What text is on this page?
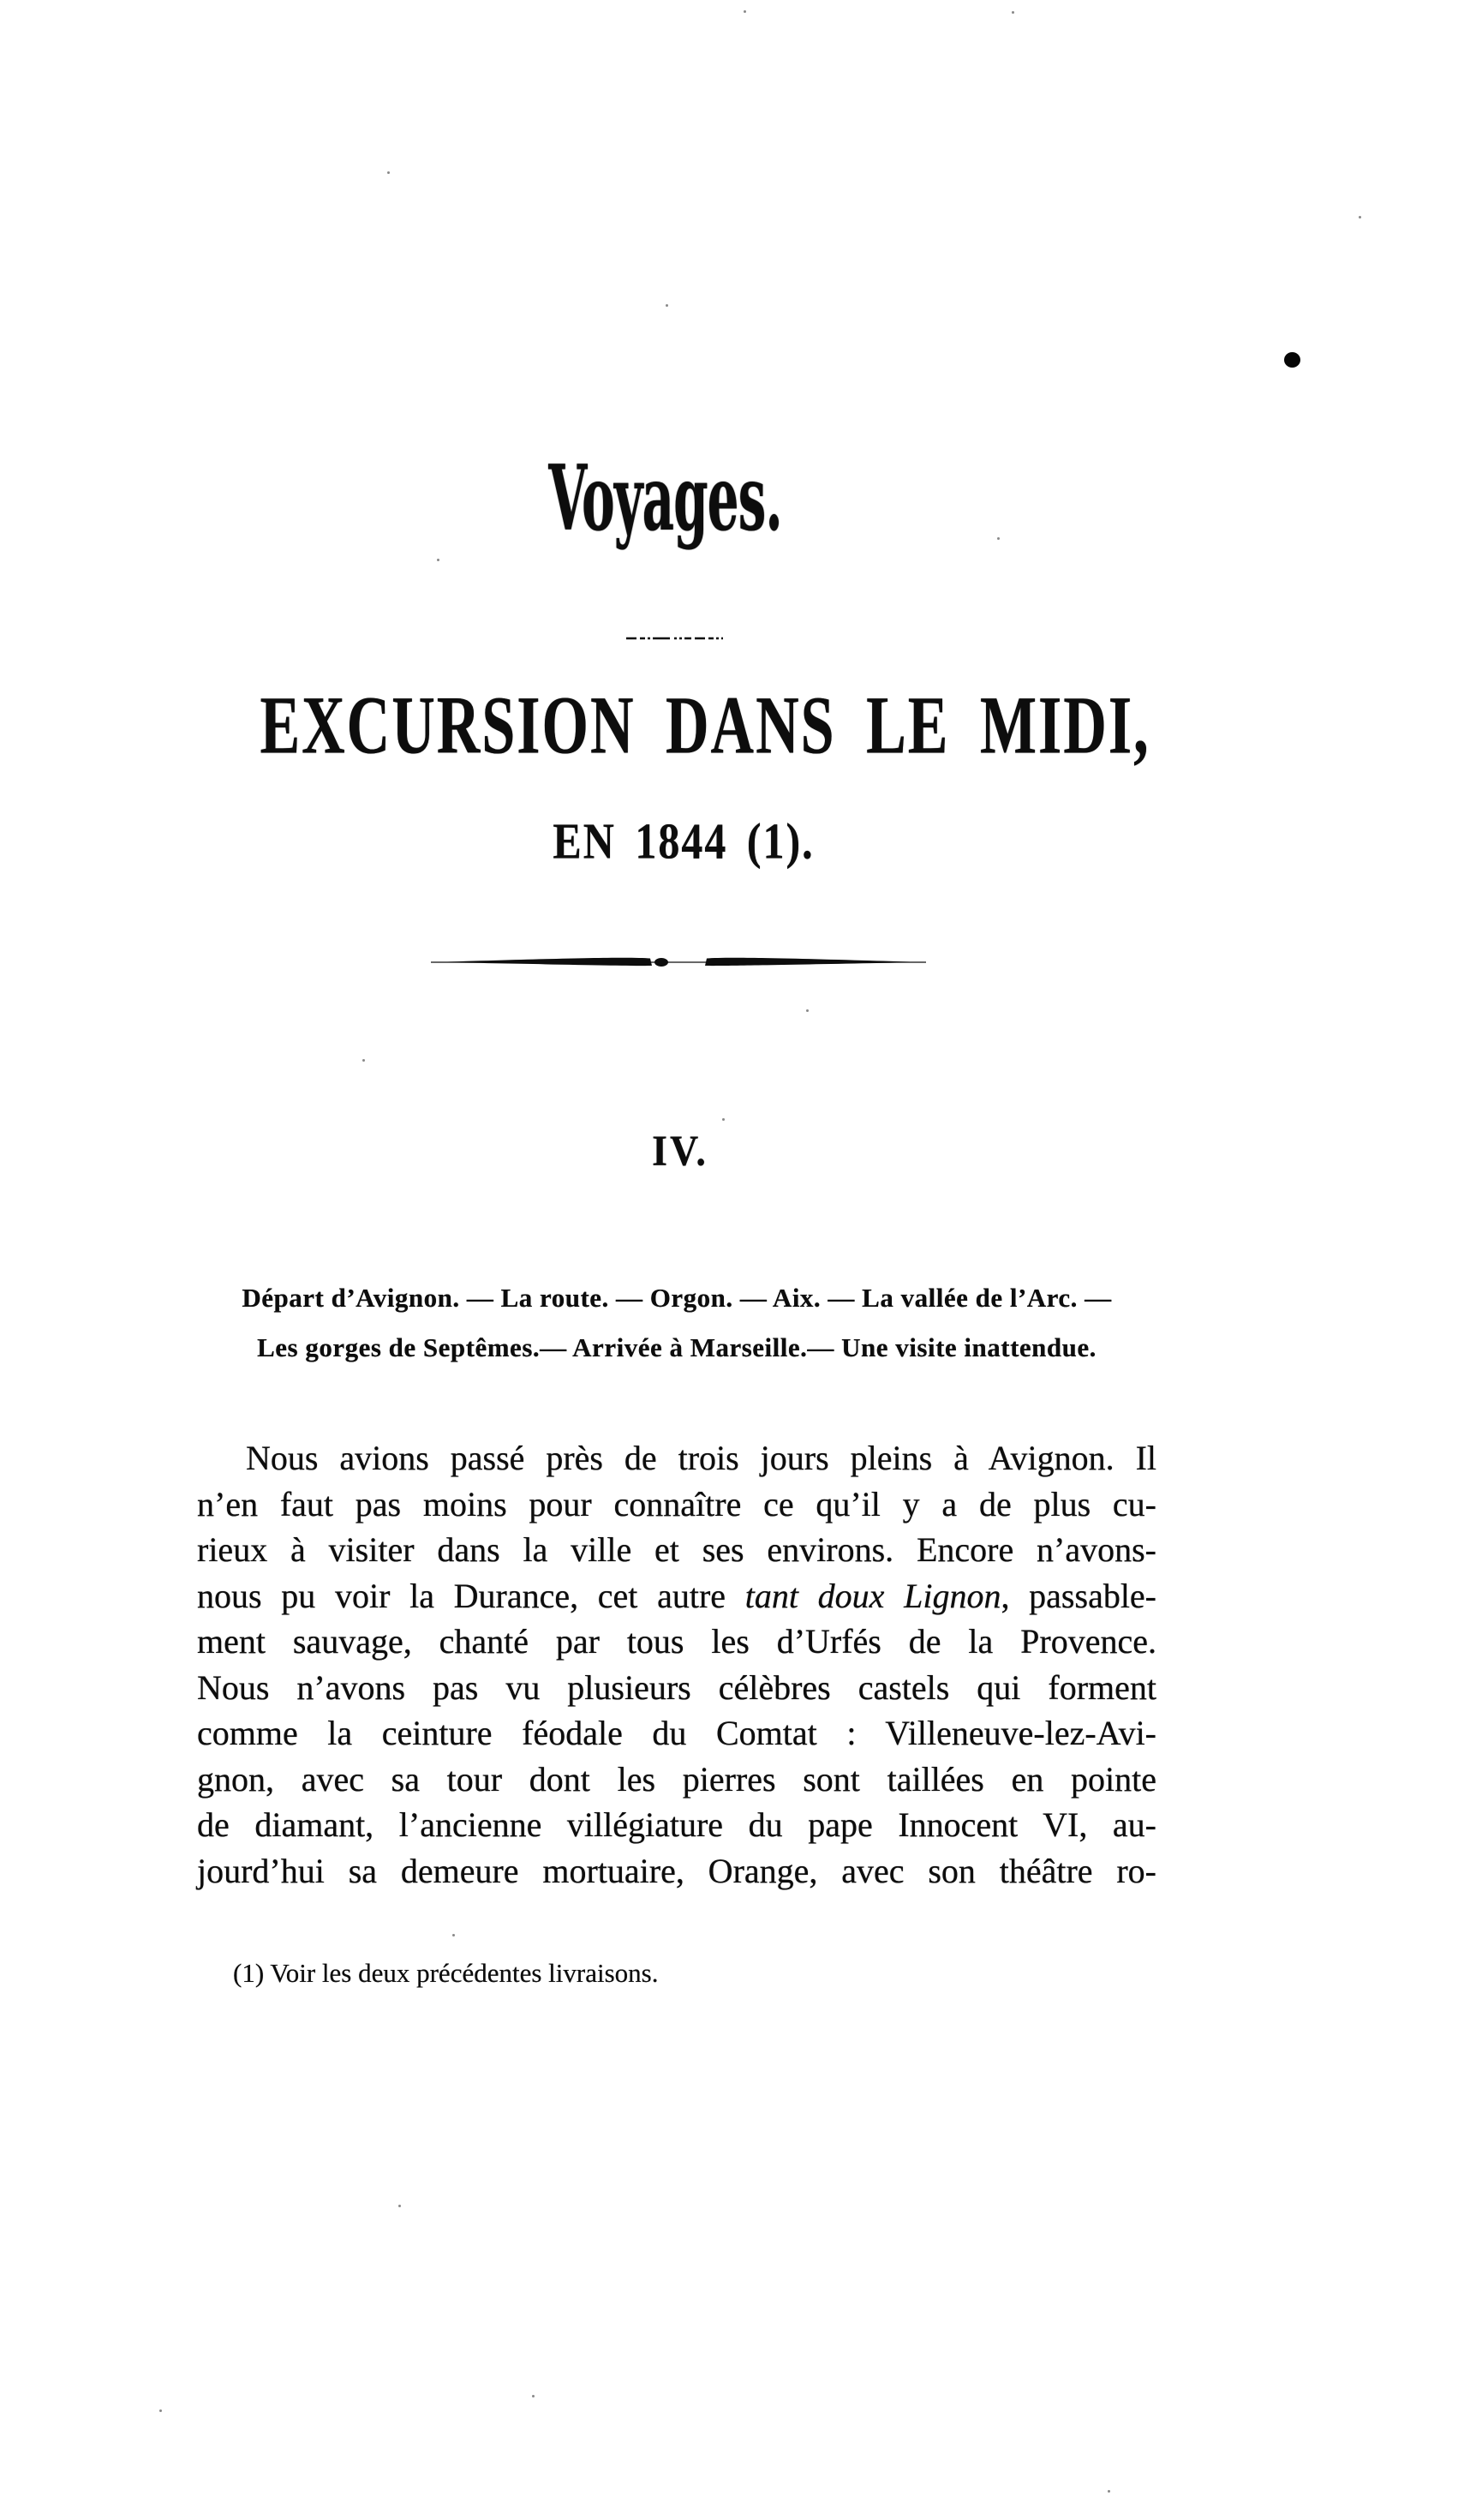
Voyages.
EXCURSION DANS LE MIDI,
EN 1844 (1).
IV.
Départ d’Avignon. — La route. — Orgon. — Aix. — La vallée de l’Arc. —
Les gorges de Septêmes.— Arrivée à Marseille.— Une visite inattendue.
Nous avions passé près de trois jours pleins à Avignon. Il
n’en faut pas moins pour connaître ce qu’il y a de plus cu-
rieux à visiter dans la ville et ses environs. Encore n’avons-
nous pu voir la Durance, cet autre tant doux Lignon, passable-
ment sauvage, chanté par tous les d’Urfés de la Provence.
Nous n’avons pas vu plusieurs célèbres castels qui forment
comme la ceinture féodale du Comtat : Villeneuve-lez-Avi-
gnon, avec sa tour dont les pierres sont taillées en pointe
de diamant, l’ancienne villégiature du pape Innocent VI, au-
jourd’hui sa demeure mortuaire, Orange, avec son théâtre ro-
(1) Voir les deux précédentes livraisons.
